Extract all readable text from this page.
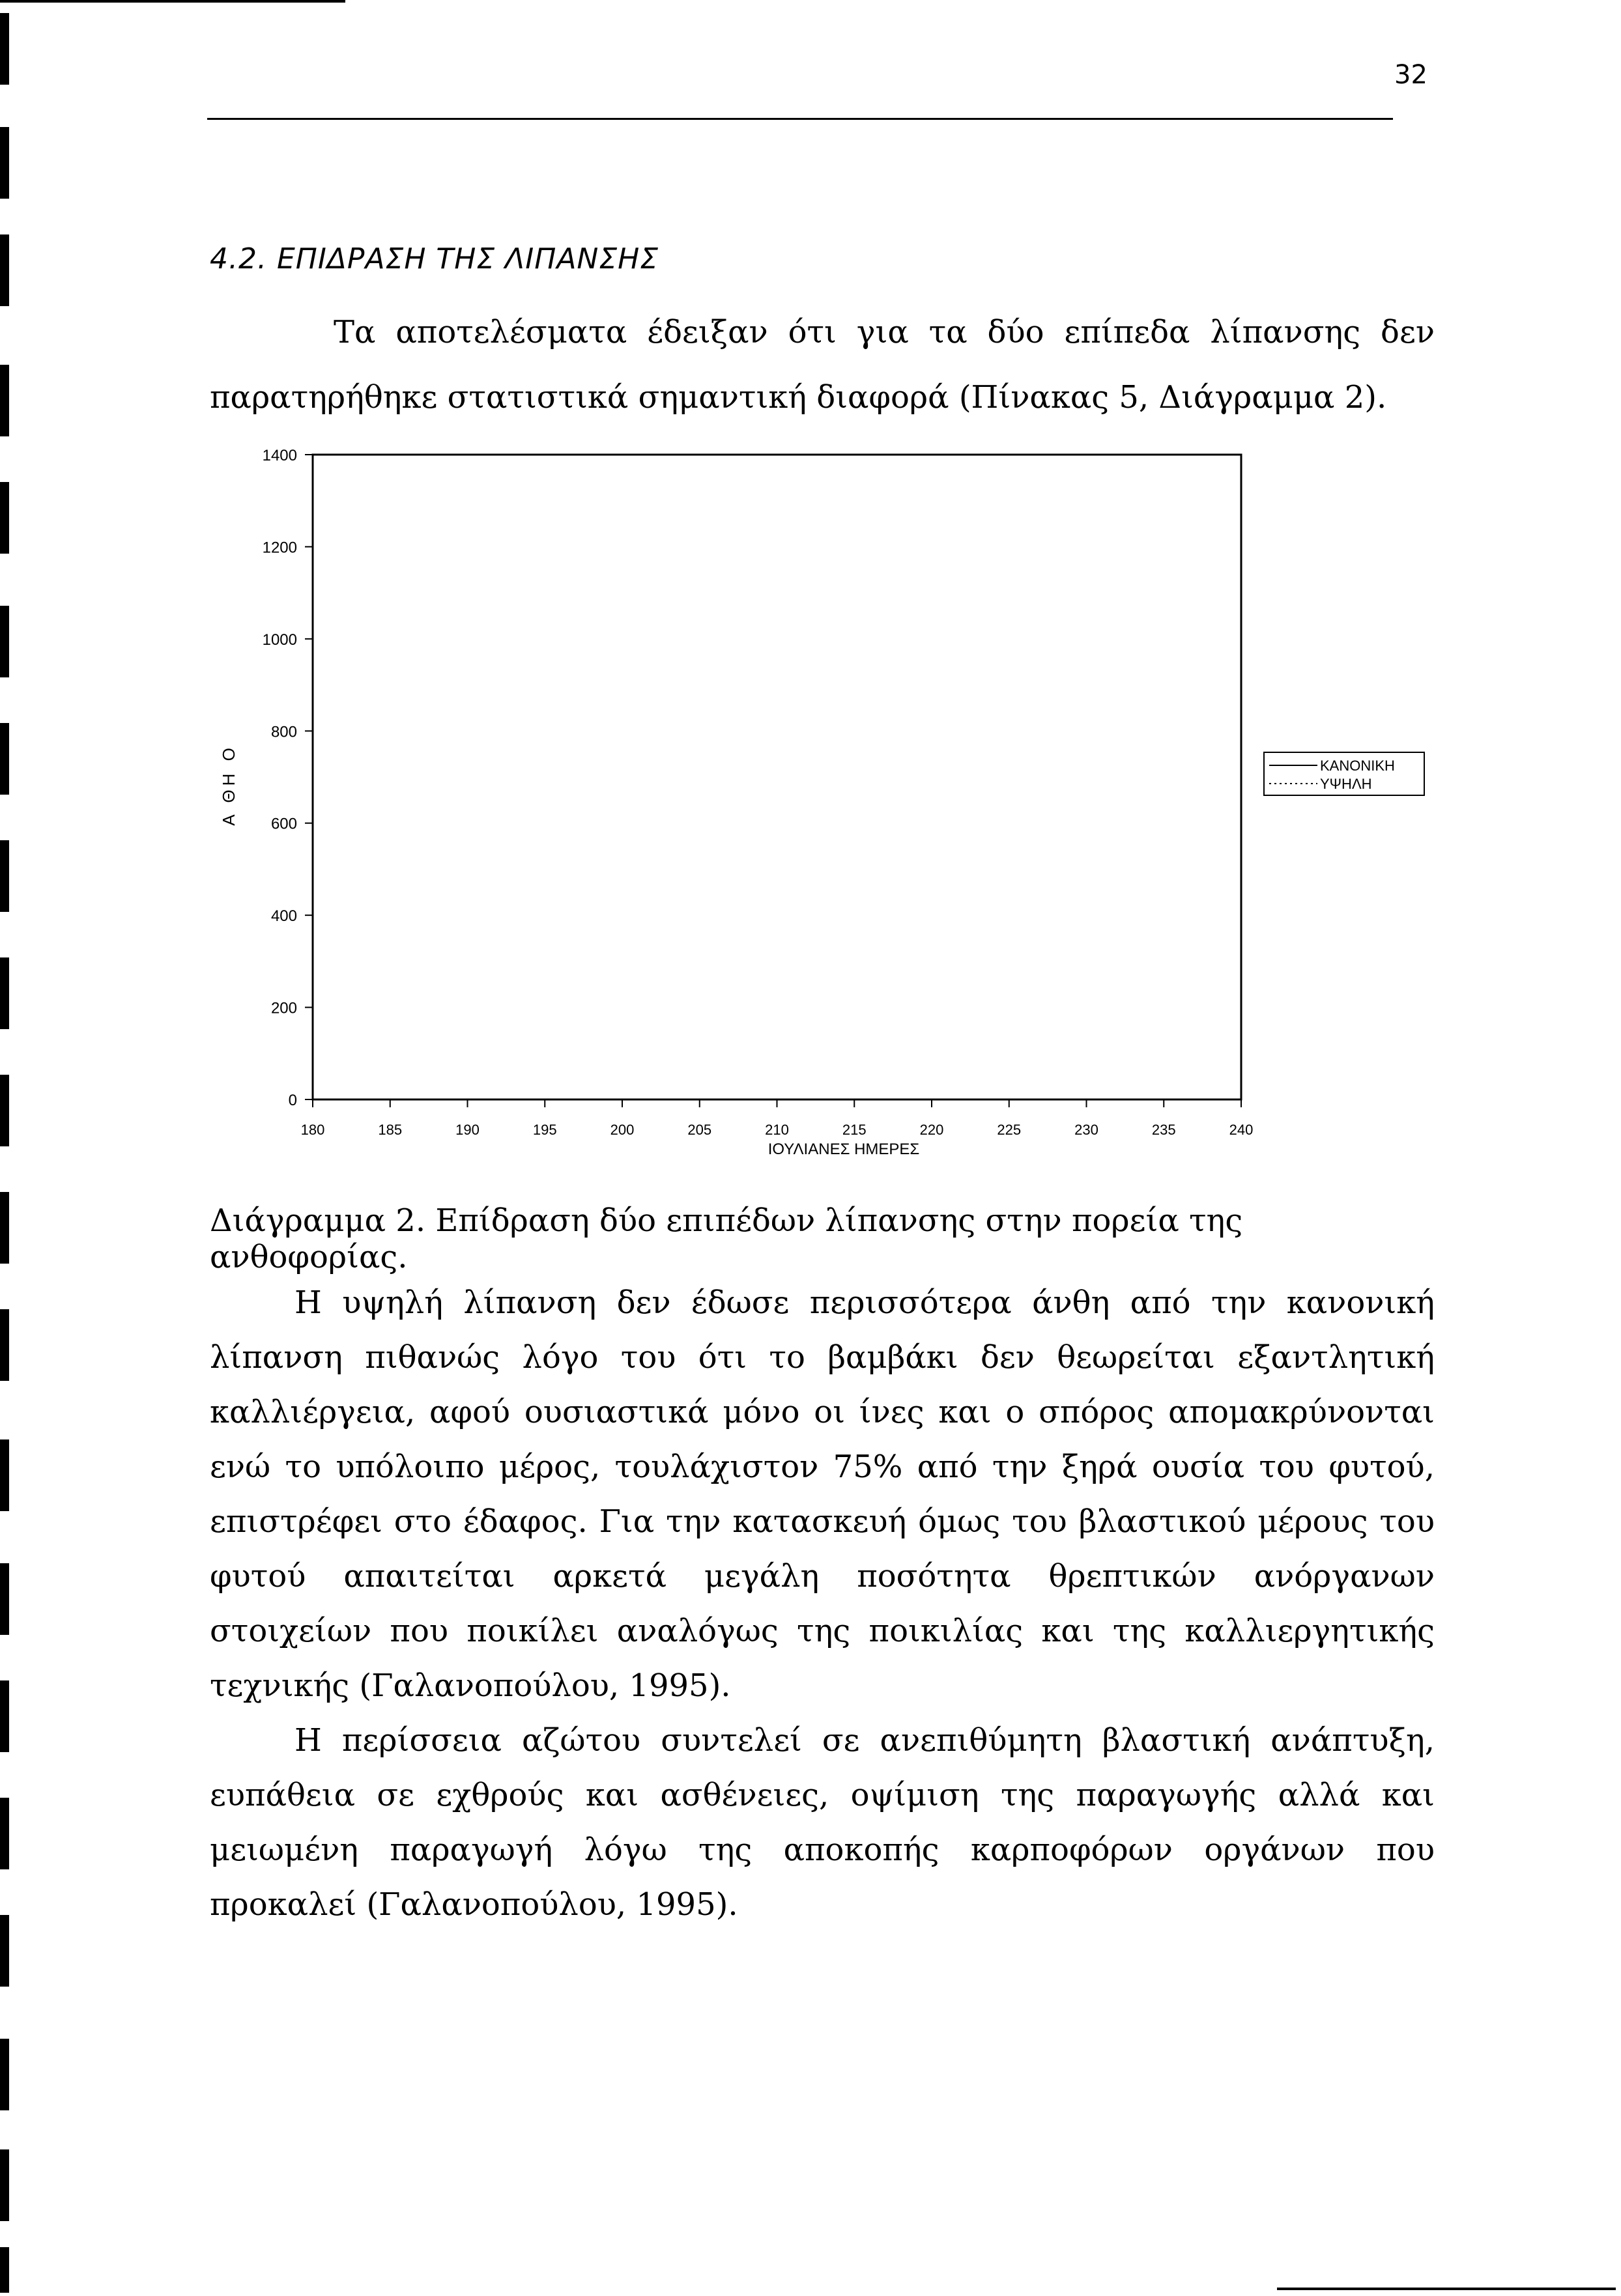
32
4.2. ΕΠΙΔΡΑΣΗ ΤΗΣ ΛΙΠΑΝΣΗΣ

Τα αποτελέσματα έδειξαν ότι για τα δύο επίπεδα λίπανσης δεν παρατηρήθηκε στατιστικά σημαντική διαφορά (Πίνακας 5, Διάγραμμα 2).

0
200
400
600
800
1000
1200
1400
180	185	190	195	200	205	210	215	220	225	230	235	240
Α ΘΗ Ο
ΙΟΥΛΙΑΝΕΣ ΗΜΕΡΕΣ
ΚΑΝΟΝΙΚΗ
ΥΨΗΛΗ
Διάγραμμα 2. Επίδραση δύο επιπέδων λίπανσης στην πορεία της ανθοφορίας.

Η υψηλή λίπανση δεν έδωσε περισσότερα άνθη από την κανονική λίπανση πιθανώς λόγο του ότι το βαμβάκι δεν θεωρείται εξαντλητική καλλιέργεια, αφού ουσιαστικά μόνο οι ίνες και ο σπόρος απομακρύνονται ενώ το υπόλοιπο μέρος, τουλάχιστον 75% από την ξηρά ουσία του φυτού, επιστρέφει στο έδαφος. Για την κατασκευή όμως του βλαστικού μέρους του φυτού απαιτείται αρκετά μεγάλη ποσότητα θρεπτικών ανόργανων στοιχείων που ποικίλει αναλόγως της ποικιλίας και της καλλιεργητικής τεχνικής (Γαλανοπούλου, 1995).

Η περίσσεια αζώτου συντελεί σε ανεπιθύμητη βλαστική ανάπτυξη, ευπάθεια σε εχθρούς και ασθένειες, οψίμιση της παραγωγής αλλά και μειωμένη παραγωγή λόγω της αποκοπής καρποφόρων οργάνων που προκαλεί (Γαλανοπούλου, 1995).
